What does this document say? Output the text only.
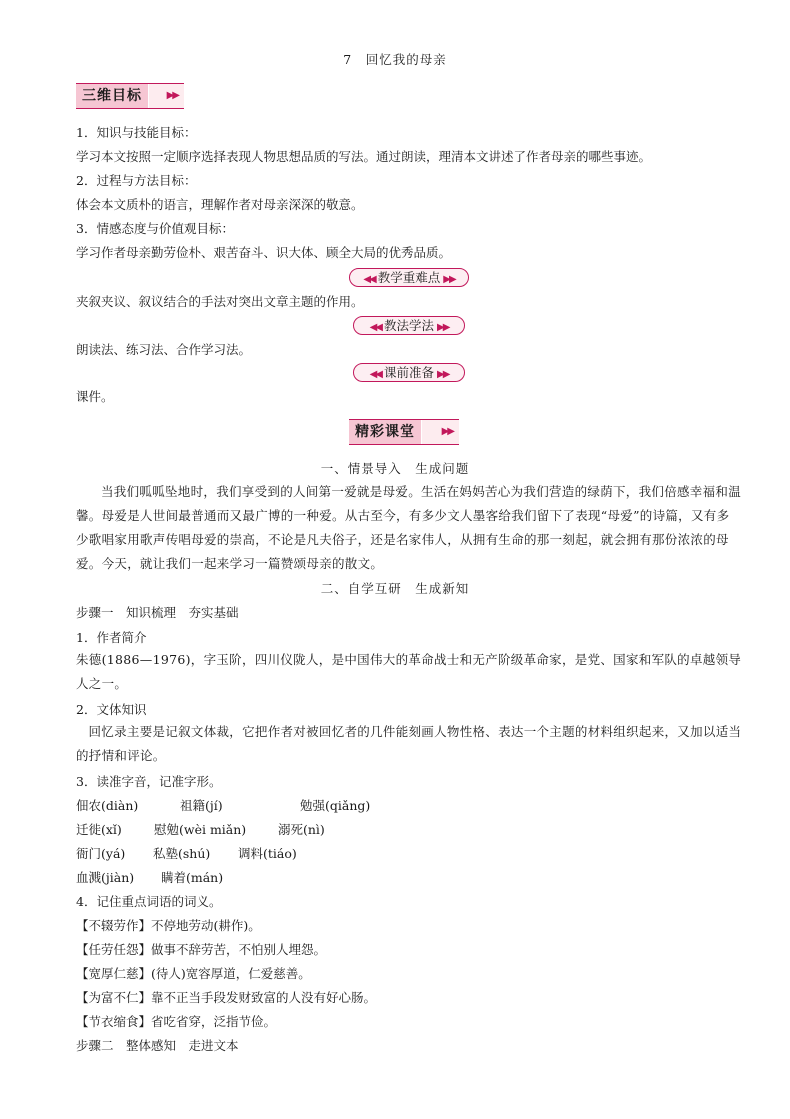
7　回忆我的母亲
三维目标	▶▶
1．知识与技能目标：
学习本文按照一定顺序选择表现人物思想品质的写法。通过朗读，理清本文讲述了作者母亲的哪些事迹。
2．过程与方法目标：
体会本文质朴的语言，理解作者对母亲深深的敬意。
3．情感态度与价值观目标：
学习作者母亲勤劳俭朴、艰苦奋斗、识大体、顾全大局的优秀品质。
◀◀ 教学重难点 ▶▶
夹叙夹议、叙议结合的手法对突出文章主题的作用。
◀◀ 教法学法 ▶▶
朗读法、练习法、合作学习法。
◀◀ 课前准备 ▶▶
课件。
精彩课堂	▶▶
一、情景导入　生成问题
当我们呱呱坠地时，我们享受到的人间第一爱就是母爱。生活在妈妈苦心为我们营造的绿荫下，我们倍感幸福和温馨。母爱是人世间最普通而又最广博的一种爱。从古至今，有多少文人墨客给我们留下了表现“母爱”的诗篇，又有多少歌唱家用歌声传唱母爱的崇高，不论是凡夫俗子，还是名家伟人，从拥有生命的那一刻起，就会拥有那份浓浓的母爱。今天，就让我们一起来学习一篇赞颂母亲的散文。
二、自学互研　生成新知
步骤一　知识梳理　夯实基础
1．作者简介
朱德(1886—1976)，字玉阶，四川仪陇人，是中国伟大的革命战士和无产阶级革命家，是党、国家和军队的卓越领导人之一。
2．文体知识
回忆录主要是记叙文体裁，它把作者对被回忆者的几件能刻画人物性格、表达一个主题的材料组织起来，又加以适当的抒情和评论。
3．读准字音，记准字形。
佃农(diàn)	祖籍(jí)	勉强(qiǎng)
迁徙(xǐ)	慰勉(wèi miǎn)	溺死(nì)
衙门(yá) 私塾(shú) 调料(tiáo)
血溅(jiàn) 瞒着(mán)
4．记住重点词语的词义。
【不辍劳作】不停地劳动(耕作)。
【任劳任怨】做事不辞劳苦，不怕别人埋怨。
【宽厚仁慈】(待人)宽容厚道，仁爱慈善。
【为富不仁】靠不正当手段发财致富的人没有好心肠。
【节衣缩食】省吃省穿，泛指节俭。
步骤二　整体感知　走进文本
